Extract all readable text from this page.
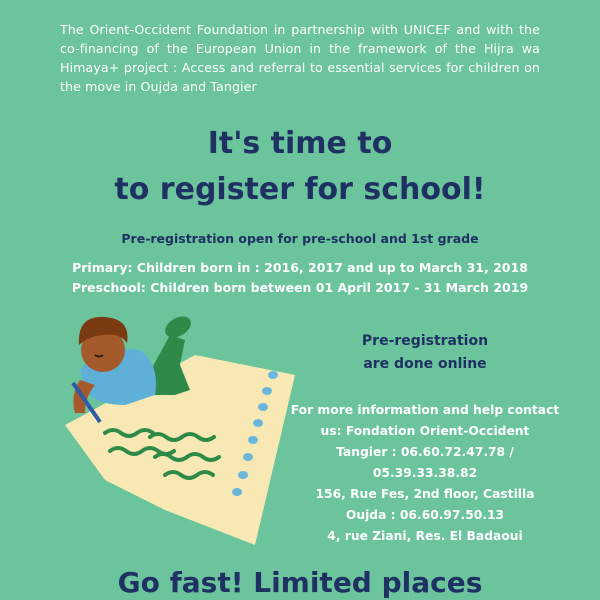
The Orient-Occident Foundation in partnership with UNICEF and with the co-financing of the European Union in the framework of the Hijra wa Himaya+ project : Access and referral to essential services for children on the move in Oujda and Tangier
It's time to
to register for school!
Pre-registration open for pre-school and 1st grade
Primary: Children born in : 2016, 2017 and up to March 31, 2018
Preschool: Children born between 01 April 2017 - 31 March 2019
Pre-registration
are done online
For more information and help contact
us: Fondation Orient-Occident
Tangier : 06.60.72.47.78 /
05.39.33.38.82
156, Rue Fes, 2nd floor, Castilla
Oujda : 06.60.97.50.13
4, rue Ziani, Res. El Badaoui
Go fast! Limited places
